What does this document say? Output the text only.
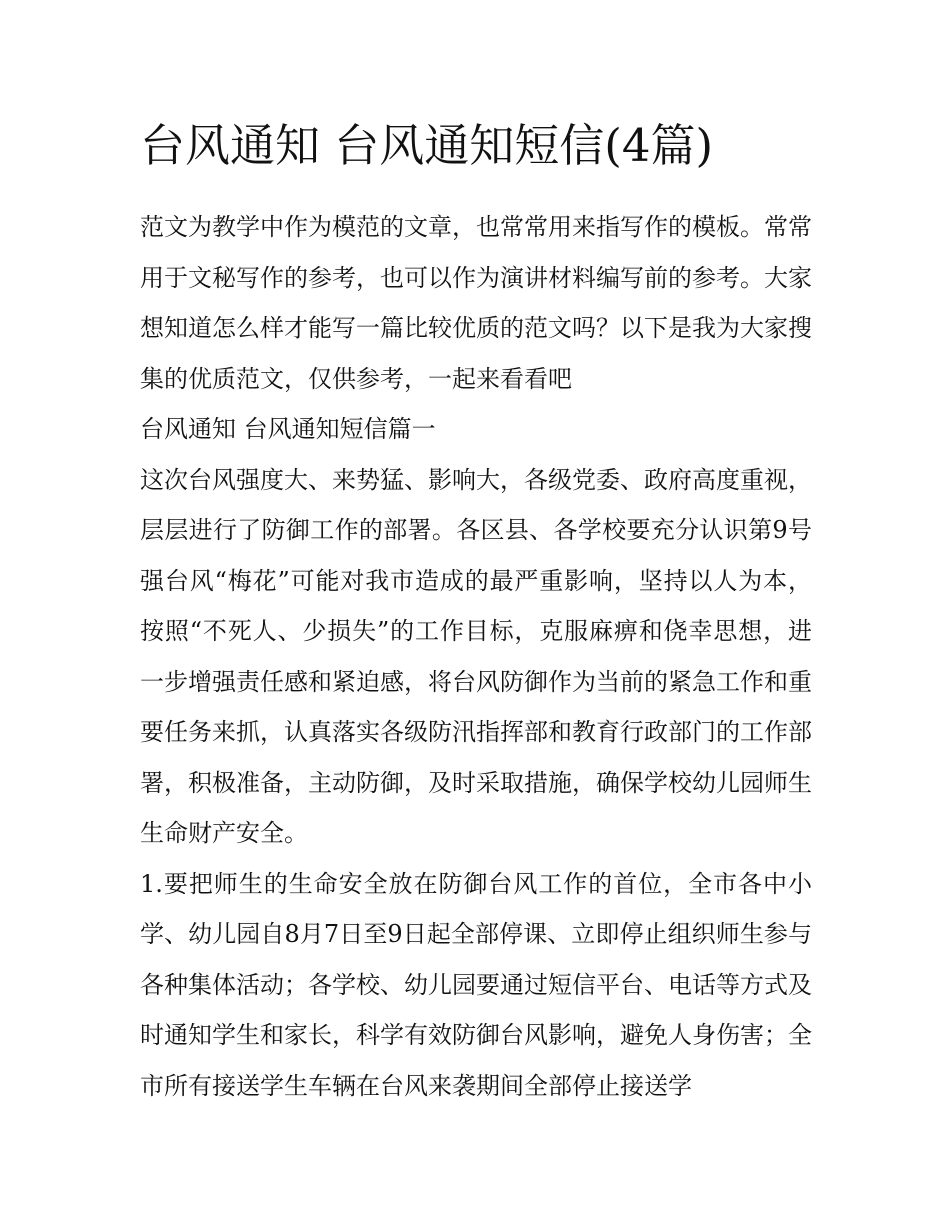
台风通知 台风通知短信(4篇)

范文为教学中作为模范的文章，也常常用来指写作的模板。常常用于文秘写作的参考，也可以作为演讲材料编写前的参考。大家想知道怎么样才能写一篇比较优质的范文吗？以下是我为大家搜集的优质范文，仅供参考，一起来看看吧

台风通知 台风通知短信篇一

这次台风强度大、来势猛、影响大，各级党委、政府高度重视，层层进行了防御工作的部署。各区县、各学校要充分认识第9号强台风“梅花”可能对我市造成的最严重影响，坚持以人为本，按照“不死人、少损失”的工作目标，克服麻痹和侥幸思想，进一步增强责任感和紧迫感，将台风防御作为当前的紧急工作和重要任务来抓，认真落实各级防汛指挥部和教育行政部门的工作部署，积极准备，主动防御，及时采取措施，确保学校幼儿园师生生命财产安全。

1.要把师生的生命安全放在防御台风工作的首位，全市各中小学、幼儿园自8月7日至9日起全部停课、立即停止组织师生参与各种集体活动；各学校、幼儿园要通过短信平台、电话等方式及时通知学生和家长，科学有效防御台风影响，避免人身伤害；全市所有接送学生车辆在台风来袭期间全部停止接送学
